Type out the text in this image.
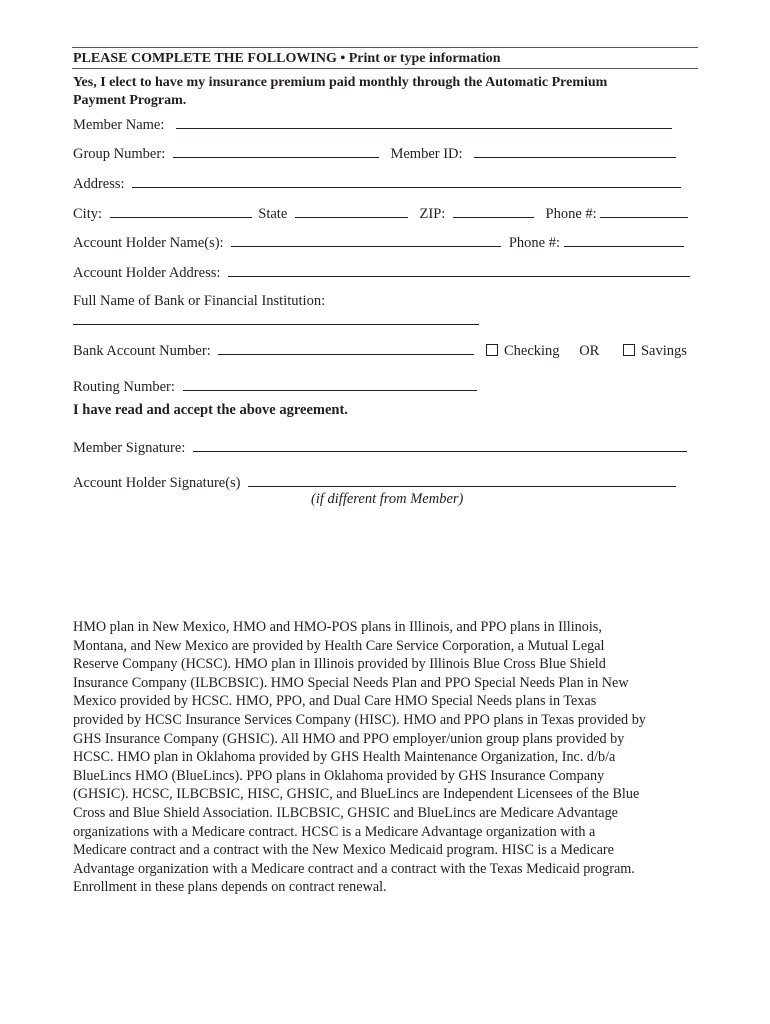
PLEASE COMPLETE THE FOLLOWING • Print or type information
Yes, I elect to have my insurance premium paid monthly through the Automatic Premium
Payment Program.
Member Name:
Group Number:	Member ID:
Address:
City:	State	ZIP:	Phone #:
Account Holder Name(s):	Phone #:
Account Holder Address:
Full Name of Bank or Financial Institution:
Bank Account Number:	Checking OR	Savings
Routing Number:
I have read and accept the above agreement.
Member Signature:
Account Holder Signature(s)
(if different from Member)

HMO plan in New Mexico, HMO and HMO-POS plans in Illinois, and PPO plans in Illinois,

Montana, and New Mexico are provided by Health Care Service Corporation, a Mutual Legal

Reserve Company (HCSC). HMO plan in Illinois provided by Illinois Blue Cross Blue Shield

Insurance Company (ILBCBSIC). HMO Special Needs Plan and PPO Special Needs Plan in New

Mexico provided by HCSC. HMO, PPO, and Dual Care HMO Special Needs plans in Texas

provided by HCSC Insurance Services Company (HISC). HMO and PPO plans in Texas provided by

GHS Insurance Company (GHSIC). All HMO and PPO employer/union group plans provided by

HCSC. HMO plan in Oklahoma provided by GHS Health Maintenance Organization, Inc. d/b/a

BlueLincs HMO (BlueLincs). PPO plans in Oklahoma provided by GHS Insurance Company

(GHSIC). HCSC, ILBCBSIC, HISC, GHSIC, and BlueLincs are Independent Licensees of the Blue

Cross and Blue Shield Association. ILBCBSIC, GHSIC and BlueLincs are Medicare Advantage

organizations with a Medicare contract. HCSC is a Medicare Advantage organization with a

Medicare contract and a contract with the New Mexico Medicaid program. HISC is a Medicare

Advantage organization with a Medicare contract and a contract with the Texas Medicaid program.

Enrollment in these plans depends on contract renewal.
